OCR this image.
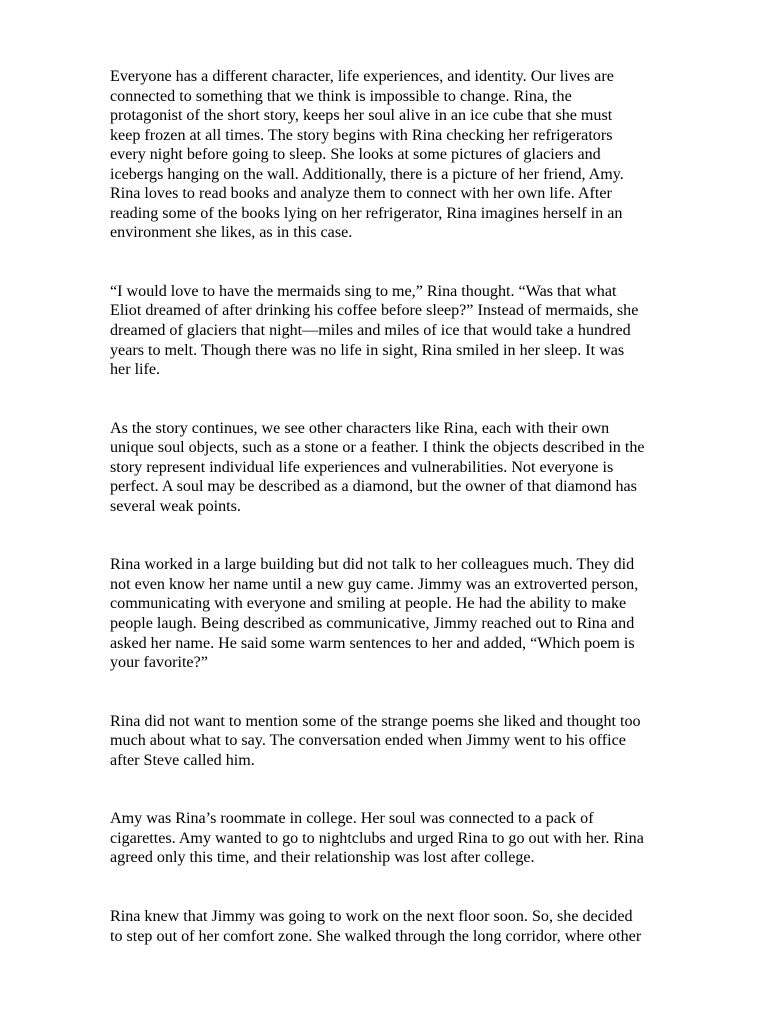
Everyone has a different character, life experiences, and identity. Our lives are
connected to something that we think is impossible to change. Rina, the
protagonist of the short story, keeps her soul alive in an ice cube that she must
keep frozen at all times. The story begins with Rina checking her refrigerators
every night before going to sleep. She looks at some pictures of glaciers and
icebergs hanging on the wall. Additionally, there is a picture of her friend, Amy.
Rina loves to read books and analyze them to connect with her own life. After
reading some of the books lying on her refrigerator, Rina imagines herself in an
environment she likes, as in this case.

“I would love to have the mermaids sing to me,” Rina thought. “Was that what
Eliot dreamed of after drinking his coffee before sleep?” Instead of mermaids, she
dreamed of glaciers that night—miles and miles of ice that would take a hundred
years to melt. Though there was no life in sight, Rina smiled in her sleep. It was
her life.

As the story continues, we see other characters like Rina, each with their own
unique soul objects, such as a stone or a feather. I think the objects described in the
story represent individual life experiences and vulnerabilities. Not everyone is
perfect. A soul may be described as a diamond, but the owner of that diamond has
several weak points.

Rina worked in a large building but did not talk to her colleagues much. They did
not even know her name until a new guy came. Jimmy was an extroverted person,
communicating with everyone and smiling at people. He had the ability to make
people laugh. Being described as communicative, Jimmy reached out to Rina and
asked her name. He said some warm sentences to her and added, “Which poem is
your favorite?”

Rina did not want to mention some of the strange poems she liked and thought too
much about what to say. The conversation ended when Jimmy went to his office
after Steve called him.

Amy was Rina’s roommate in college. Her soul was connected to a pack of
cigarettes. Amy wanted to go to nightclubs and urged Rina to go out with her. Rina
agreed only this time, and their relationship was lost after college.

Rina knew that Jimmy was going to work on the next floor soon. So, she decided
to step out of her comfort zone. She walked through the long corridor, where other
